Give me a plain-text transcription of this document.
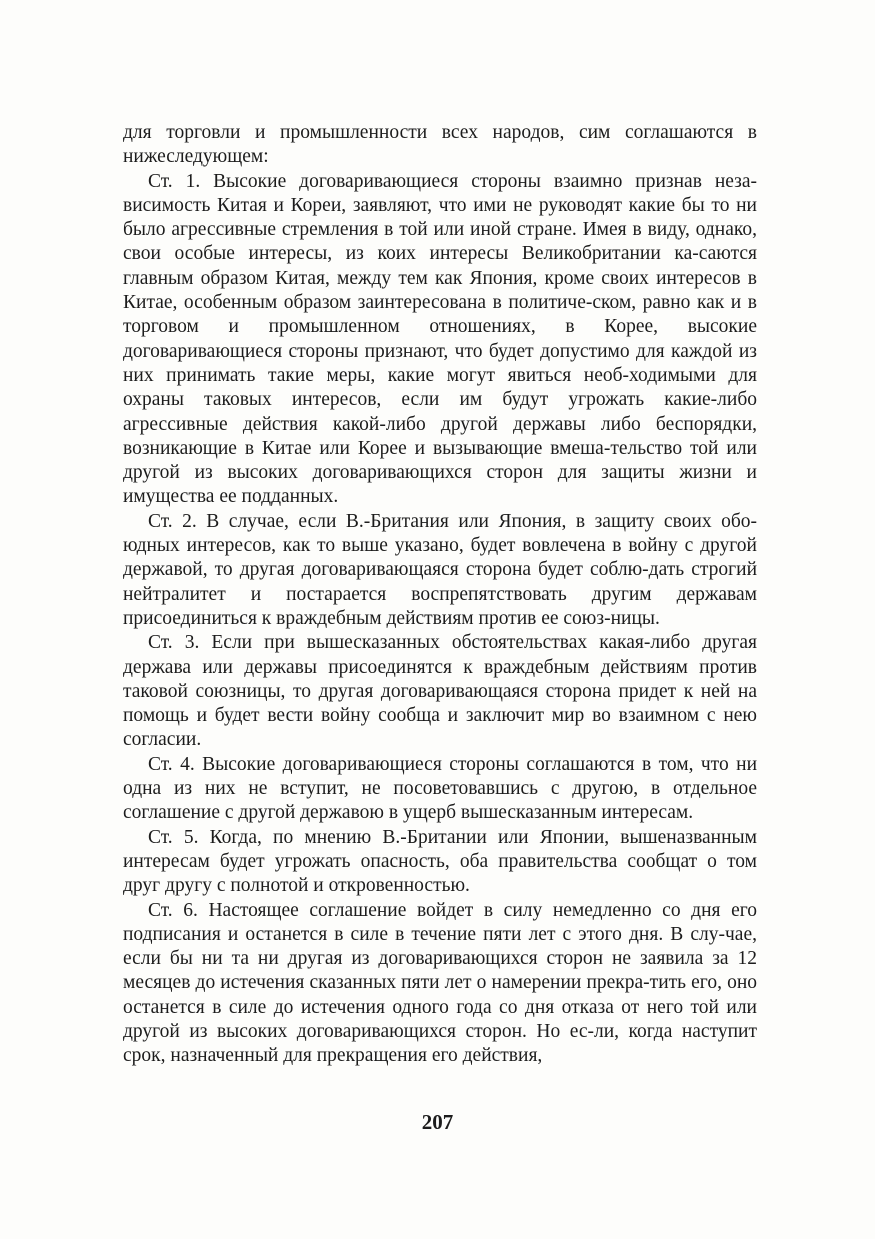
для торговли и промышленности всех народов, сим соглашаются в нижеследующем:

Ст. 1. Высокие договаривающиеся стороны взаимно признав неза-висимость Китая и Кореи, заявляют, что ими не руководят какие бы то ни было агрессивные стремления в той или иной стране. Имея в виду, однако, свои особые интересы, из коих интересы Великобритании ка-саются главным образом Китая, между тем как Япония, кроме своих интересов в Китае, особенным образом заинтересована в политиче-ском, равно как и в торговом и промышленном отношениях, в Корее, высокие договаривающиеся стороны признают, что будет допустимо для каждой из них принимать такие меры, какие могут явиться необ-ходимыми для охраны таковых интересов, если им будут угрожать какие-либо агрессивные действия какой-либо другой державы либо беспорядки, возникающие в Китае или Корее и вызывающие вмеша-тельство той или другой из высоких договаривающихся сторон для защиты жизни и имущества ее подданных.

Ст. 2. В случае, если В.-Британия или Япония, в защиту своих обо-юдных интересов, как то выше указано, будет вовлечена в войну с другой державой, то другая договаривающаяся сторона будет соблю-дать строгий нейтралитет и постарается воспрепятствовать другим державам присоединиться к враждебным действиям против ее союз-ницы.

Ст. 3. Если при вышесказанных обстоятельствах какая-либо другая держава или державы присоединятся к враждебным действиям против таковой союзницы, то другая договаривающаяся сторона придет к ней на помощь и будет вести войну сообща и заключит мир во взаимном с нею согласии.

Ст. 4. Высокие договаривающиеся стороны соглашаются в том, что ни одна из них не вступит, не посоветовавшись с другою, в отдельное соглашение с другой державою в ущерб вышесказанным интересам.

Ст. 5. Когда, по мнению В.-Британии или Японии, вышеназванным интересам будет угрожать опасность, оба правительства сообщат о том друг другу с полнотой и откровенностью.

Ст. 6. Настоящее соглашение войдет в силу немедленно со дня его подписания и останется в силе в течение пяти лет с этого дня. В слу-чае, если бы ни та ни другая из договаривающихся сторон не заявила за 12 месяцев до истечения сказанных пяти лет о намерении прекра-тить его, оно останется в силе до истечения одного года со дня отказа от него той или другой из высоких договаривающихся сторон. Но ес-ли, когда наступит срок, назначенный для прекращения его действия,

207
